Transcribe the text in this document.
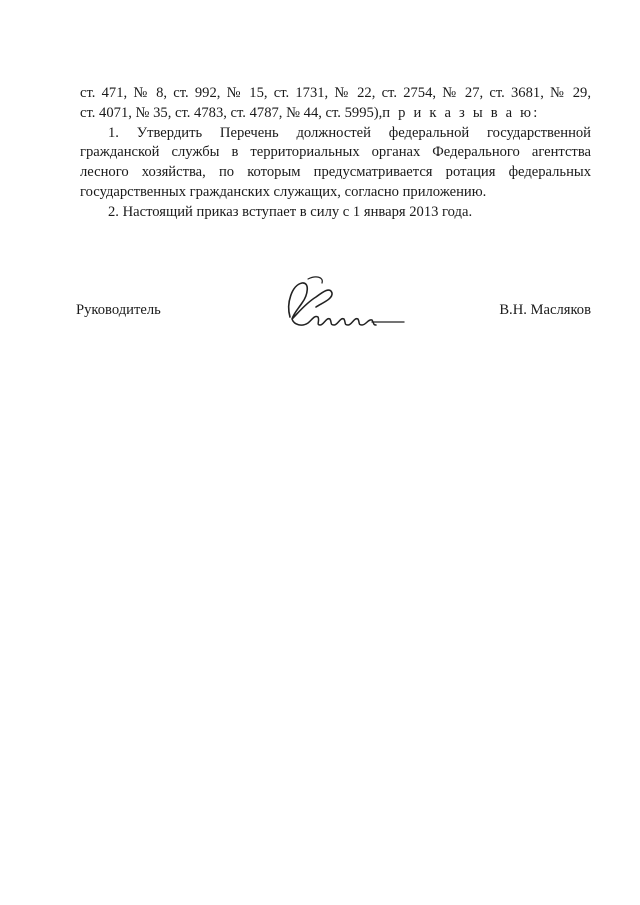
ст. 471, № 8, ст. 992, № 15, ст. 1731, № 22, ст. 2754, № 27, ст. 3681, № 29,
ст. 4071, № 35, ст. 4783, ст. 4787, № 44, ст. 5995),п р и к а з ы в а ю:
1. Утвердить Перечень должностей федеральной государственной
гражданской службы в территориальных органах Федерального агентства
лесного хозяйства, по которым предусматривается ротация федеральных
государственных гражданских служащих, согласно приложению.
2. Настоящий приказ вступает в силу с 1 января 2013 года.
Руководитель	В.Н. Масляков
